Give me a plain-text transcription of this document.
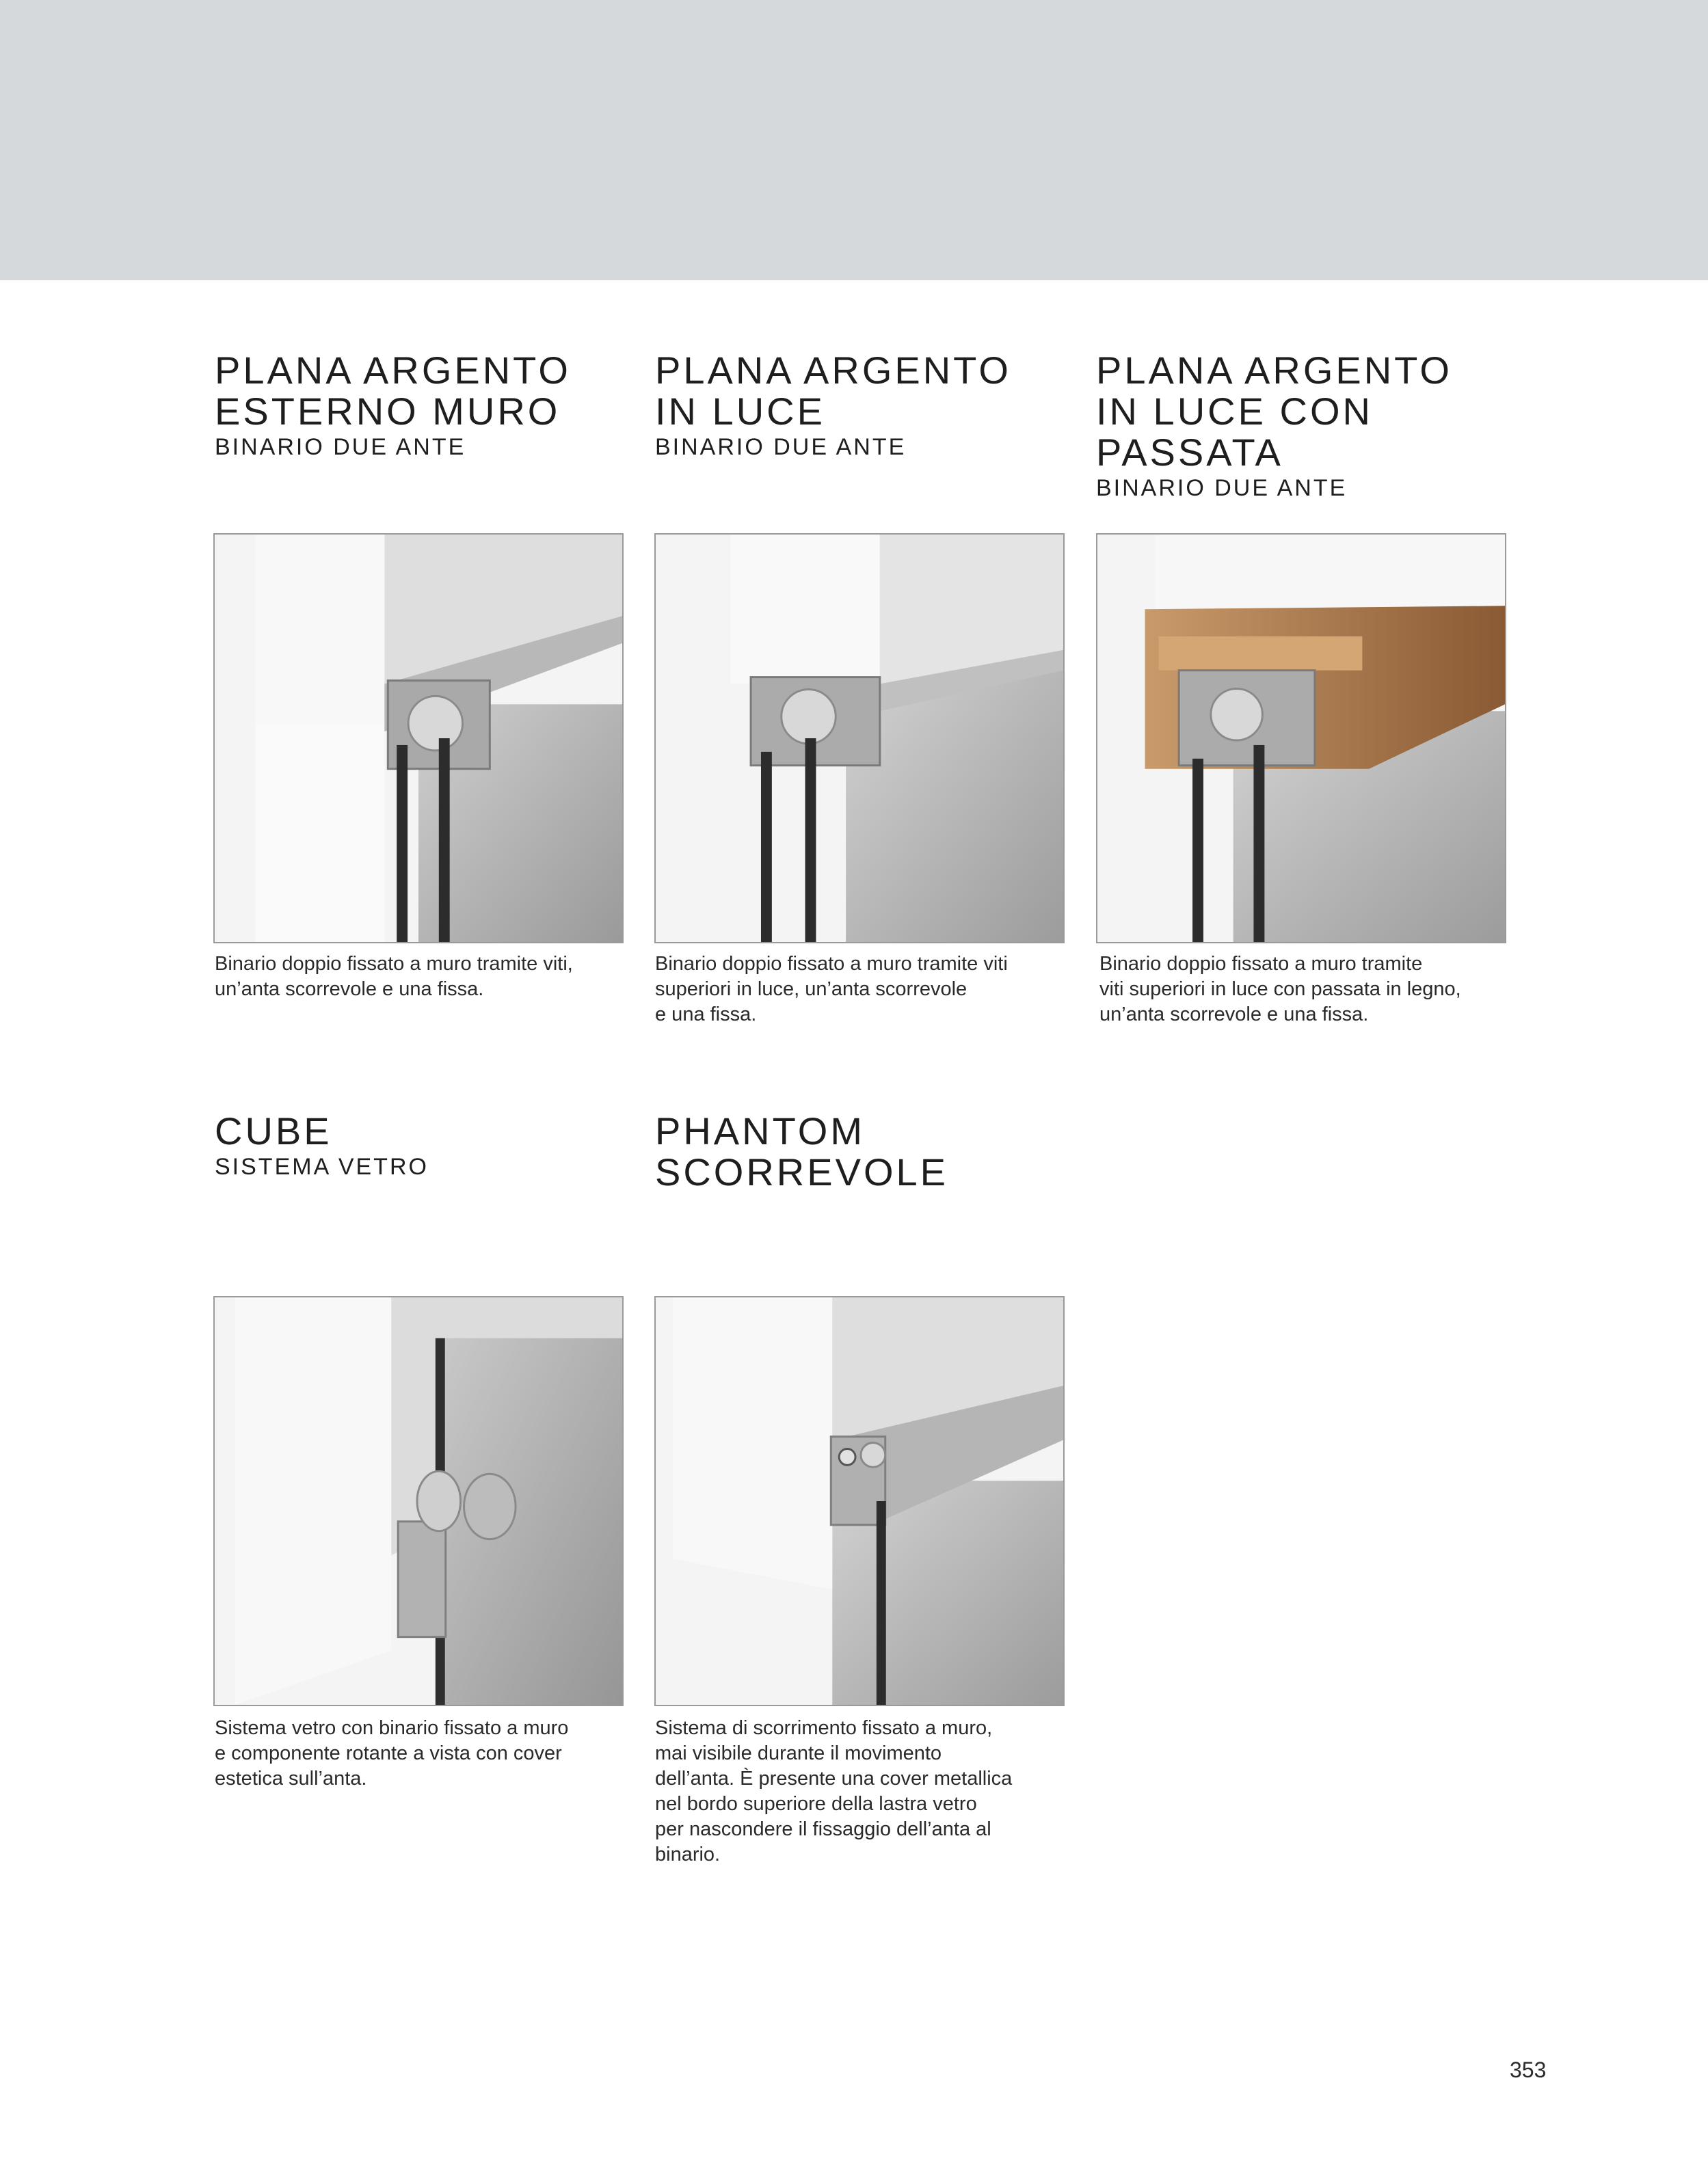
PLANA ARGENTO
ESTERNO MURO
BINARIO DUE ANTE
Binario doppio fissato a muro tramite viti,
un’anta scorrevole e una fissa.
PLANA ARGENTO
IN LUCE
BINARIO DUE ANTE
Binario doppio fissato a muro tramite viti
superiori in luce, un’anta scorrevole
e una fissa.
PLANA ARGENTO
IN LUCE CON
PASSATA
BINARIO DUE ANTE
Binario doppio fissato a muro tramite
viti superiori in luce con passata in legno,
un’anta scorrevole e una fissa.
CUBE
SISTEMA VETRO
Sistema vetro con binario fissato a muro
e componente rotante a vista con cover
estetica sull’anta.
PHANTOM
SCORREVOLE
Sistema di scorrimento fissato a muro,
mai visibile durante il movimento
dell’anta. È presente una cover metallica
nel bordo superiore della lastra vetro
per nascondere il fissaggio dell’anta al
binario.
353
